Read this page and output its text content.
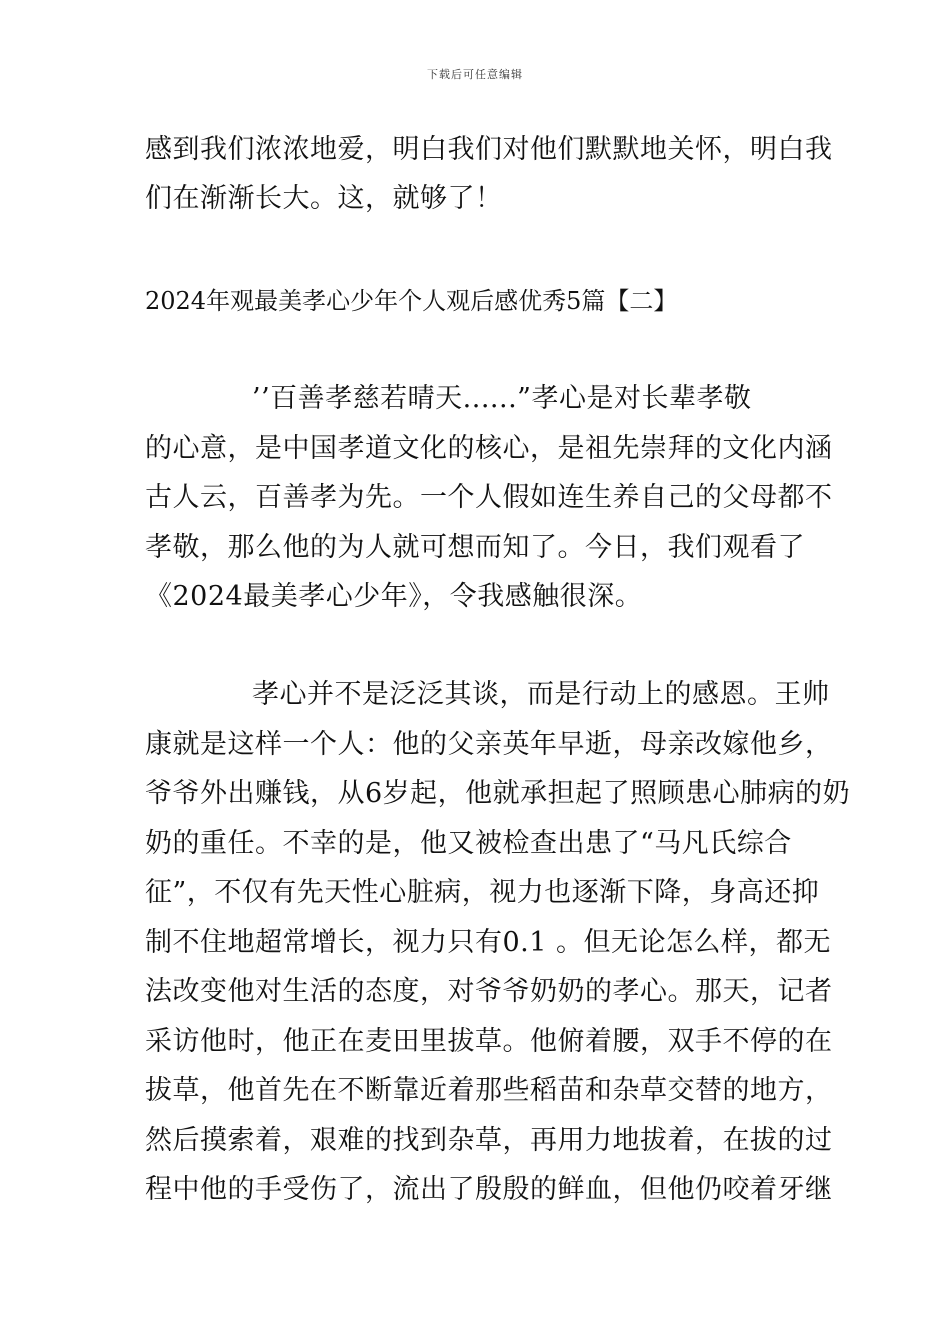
下载后可任意编辑
感到我们浓浓地爱，明白我们对他们默默地关怀，明白我
们在渐渐长大。这，就够了！
2024年观最美孝心少年个人观后感优秀5篇【二】
’’百善孝慈若晴天......”孝心是对长辈孝敬
的心意，是中国孝道文化的核心，是祖先崇拜的文化内涵
古人云，百善孝为先。一个人假如连生养自己的父母都不
孝敬，那么他的为人就可想而知了。今日，我们观看了
《2024最美孝心少年》，令我感触很深。
孝心并不是泛泛其谈，而是行动上的感恩。王帅
康就是这样一个人：他的父亲英年早逝，母亲改嫁他乡，
爷爷外出赚钱，从6岁起，他就承担起了照顾患心肺病的奶
奶的重任。不幸的是，他又被检查出患了“马凡氏综合
征”，不仅有先天性心脏病，视力也逐渐下降，身高还抑
制不住地超常增长，视力只有0.1 。但无论怎么样，都无
法改变他对生活的态度，对爷爷奶奶的孝心。那天，记者
采访他时，他正在麦田里拔草。他俯着腰，双手不停的在
拔草，他首先在不断靠近着那些稻苗和杂草交替的地方，
然后摸索着，艰难的找到杂草，再用力地拔着，在拔的过
程中他的手受伤了，流出了殷殷的鲜血，但他仍咬着牙继
